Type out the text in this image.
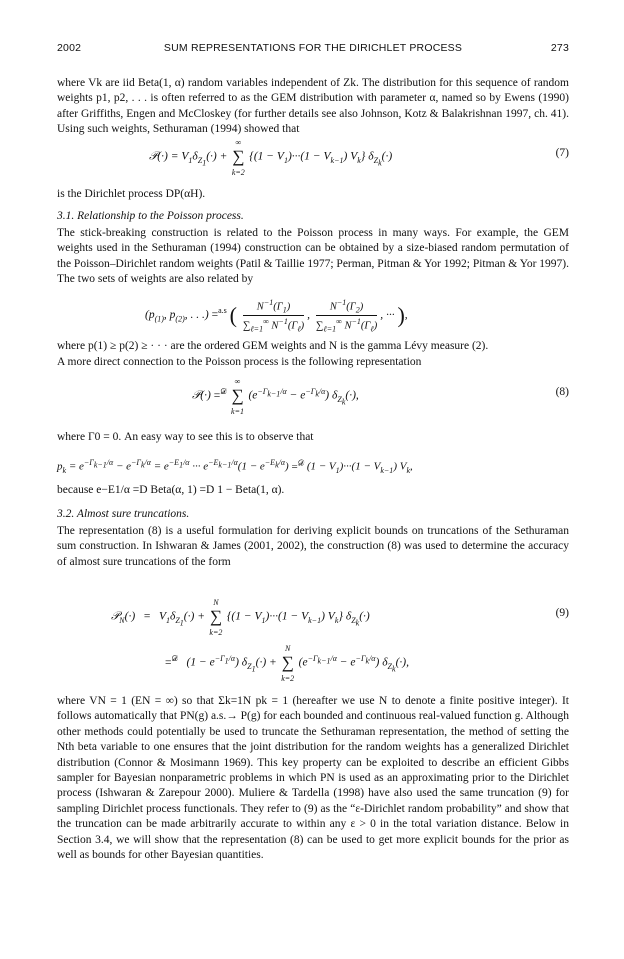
2002	SUM REPRESENTATIONS FOR THE DIRICHLET PROCESS	273
where Vk are iid Beta(1, α) random variables independent of Zk. The distribution for this sequence of random weights p1, p2, . . . is often referred to as the GEM distribution with parameter α, named so by Ewens (1990) after Griffiths, Engen and McCloskey (for further details see also Johnson, Kotz & Balakrishnan 1997, ch. 41). Using such weights, Sethuraman (1994) showed that
𝒫(·) = $V_1\delta_{Z_1}(\cdot)$ + ∑
∞
k=2
{$(1 - V_1)\cdot\cdot\cdot(1 - V_{k-1})$ $V_k$} $\delta_{Z_k}(\cdot)$	(7)
is the Dirichlet process DP(αH).
3.1. Relationship to the Poisson process.
The stick-breaking construction is related to the Poisson process in many ways. For example, the GEM weights used in the Sethuraman (1994) construction can be obtained by a size-biased random permutation of the Poisson–Dirichlet random weights (Patil & Taillie 1977; Perman, Pitman & Yor 1992; Pitman & Yor 1997). The two sets of weights are also related by
($p_{(1)}$, $p_{(2)}$, . . .) =$^{a.s}$ ( $\frac{N^{-1}(\Gamma_1)}{\sum_{\ell=1}^\infty N^{-1}(\Gamma_\ell)}$ , $\frac{N^{-1}(\Gamma_2)}{\sum_{\ell=1}^\infty N^{-1}(\Gamma_\ell)}$ , ··· ),
where p(1) ≥ p(2) ≥ · · · are the ordered GEM weights and N is the gamma Lévy measure (2).
A more direct connection to the Poisson process is the following representation
𝒫(·) =$^𝒟$ ∑
∞
k=1
$(e^{-\Gamma_{k-1}/\alpha} - e^{-\Gamma_k/\alpha})$ $\delta_{Z_k}(\cdot)$,	(8)
where Γ0 = 0. An easy way to see this is to observe that
$p_k = e^{-\Gamma_{k-1}/\alpha} - e^{-\Gamma_k/\alpha} = e^{-E_1/\alpha}$ ··· $e^{-E_{k-1}/\alpha}(1 - e^{-E_k/\alpha}) =^𝒟$ $(1 - V_1)\cdot\cdot\cdot(1 - V_{k-1})$ $V_k$,
because e−E1/α =D Beta(α, 1) =D 1 − Beta(1, α).
3.2. Almost sure truncations.
The representation (8) is a useful formulation for deriving explicit bounds on truncations of the Sethuraman sum construction. In Ishwaran & James (2001, 2002), the construction (8) was used to determine the accuracy of almost sure truncations of the form
𝒫$_N$(·)   =   $V_1\delta_{Z_1}(\cdot)$ + ∑
N
k=2
{$(1 - V_1)\cdot\cdot\cdot(1 - V_{k-1})$ $V_k$} $\delta_{Z_k}(\cdot)$	(9)
=$^𝒟$   $(1 - e^{-\Gamma_1/\alpha})$ $\delta_{Z_1}(\cdot)$ + ∑
N
k=2
$(e^{-\Gamma_{k-1}/\alpha} - e^{-\Gamma_k/\alpha})$ $\delta_{Z_k}(\cdot)$,
where VN = 1 (EN = ∞) so that Σk=1N pk = 1 (hereafter we use N to denote a finite positive integer). It follows automatically that PN(g) a.s.→ P(g) for each bounded and continuous real-valued function g. Although other methods could potentially be used to truncate the Sethuraman representation, the method of setting the Nth beta variable to one ensures that the joint distribution for the random weights has a generalized Dirichlet distribution (Connor & Mosimann 1969). This key property can be exploited to describe an efficient Gibbs sampler for Bayesian nonparametric problems in which PN is used as an approximating prior to the Dirichlet process (Ishwaran & Zarepour 2000). Muliere & Tardella (1998) have also used the same truncation (9) for sampling Dirichlet process functionals. They refer to (9) as the “ε-Dirichlet random probability” and show that the truncation can be made arbitrarily accurate to within any ε > 0 in the total variation distance. Below in Section 3.4, we will show that the representation (8) can be used to get more explicit bounds for the prior as well as bounds for other Bayesian quantities.
